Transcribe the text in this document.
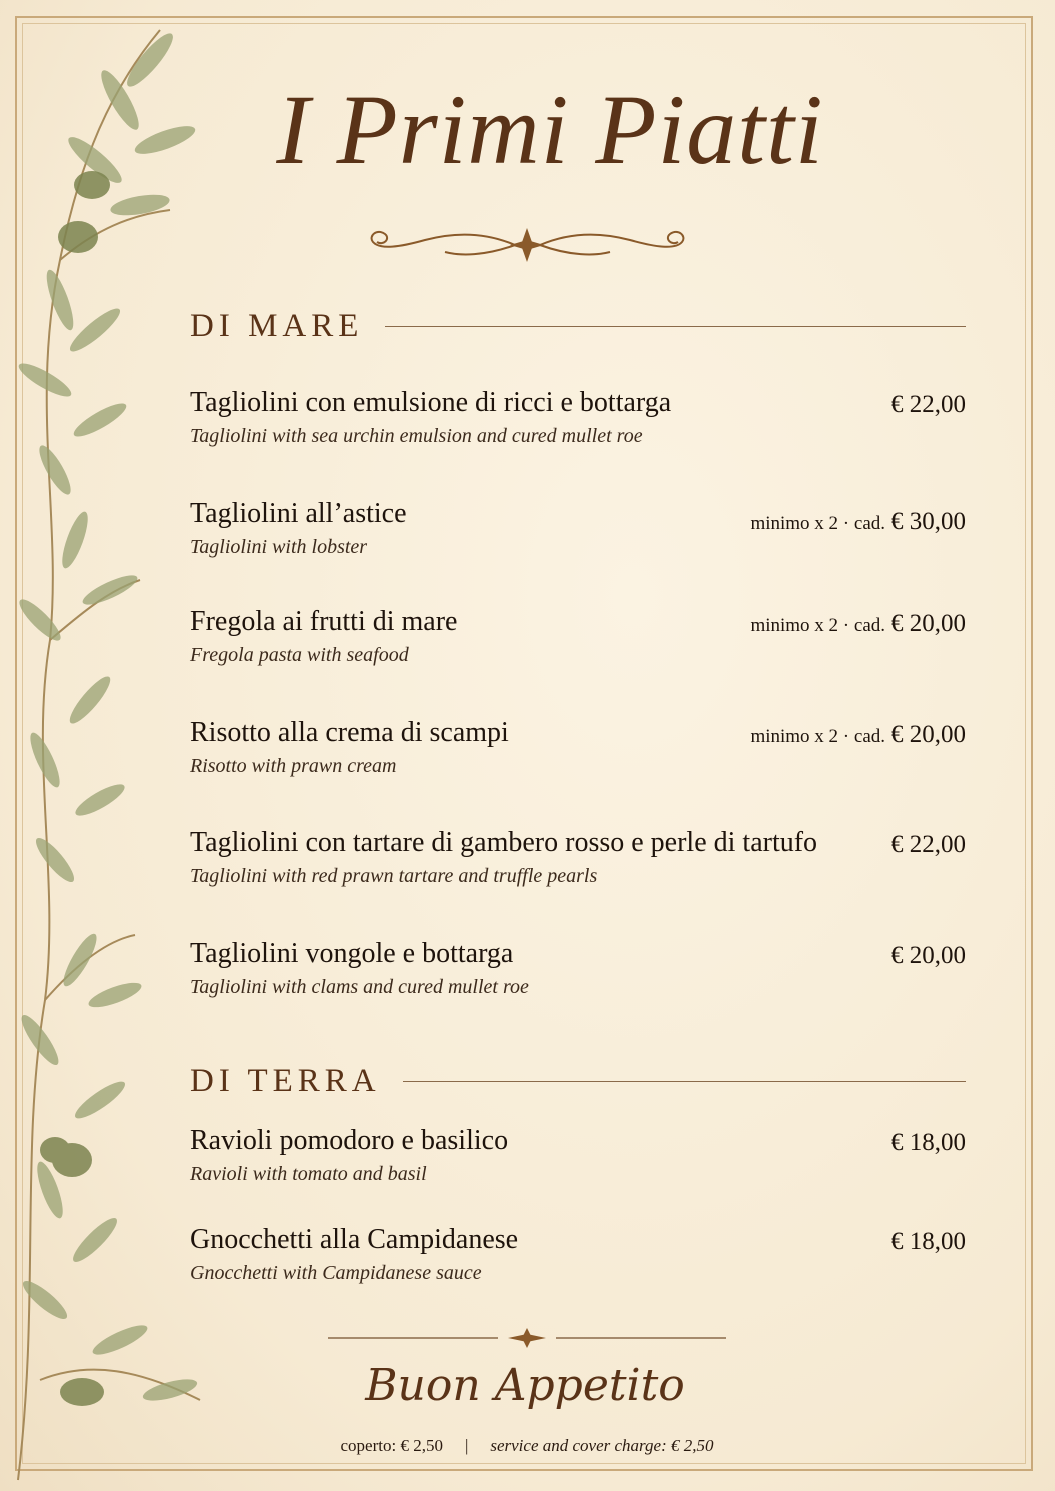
I Primi Piatti
DI MARE
Tagliolini con emulsione di ricci e bottarga
Tagliolini with sea urchin emulsion and cured mullet roe
€ 22,00
Tagliolini all’astice
Tagliolini with lobster
minimo x 2 · cad. € 30,00
Fregola ai frutti di mare
Fregola pasta with seafood
minimo x 2 · cad. € 20,00
Risotto alla crema di scampi
Risotto with prawn cream
minimo x 2 · cad. € 20,00
Tagliolini con tartare di gambero rosso e perle di tartufo
Tagliolini with red prawn tartare and truffle pearls
€ 22,00
Tagliolini vongole e bottarga
Tagliolini with clams and cured mullet roe
€ 20,00
DI TERRA
Ravioli pomodoro e basilico
Ravioli with tomato and basil
€ 18,00
Gnocchetti alla Campidanese
Gnocchetti with Campidanese sauce
€ 18,00
Buon Appetito
coperto: € 2,50 | service and cover charge: € 2,50
